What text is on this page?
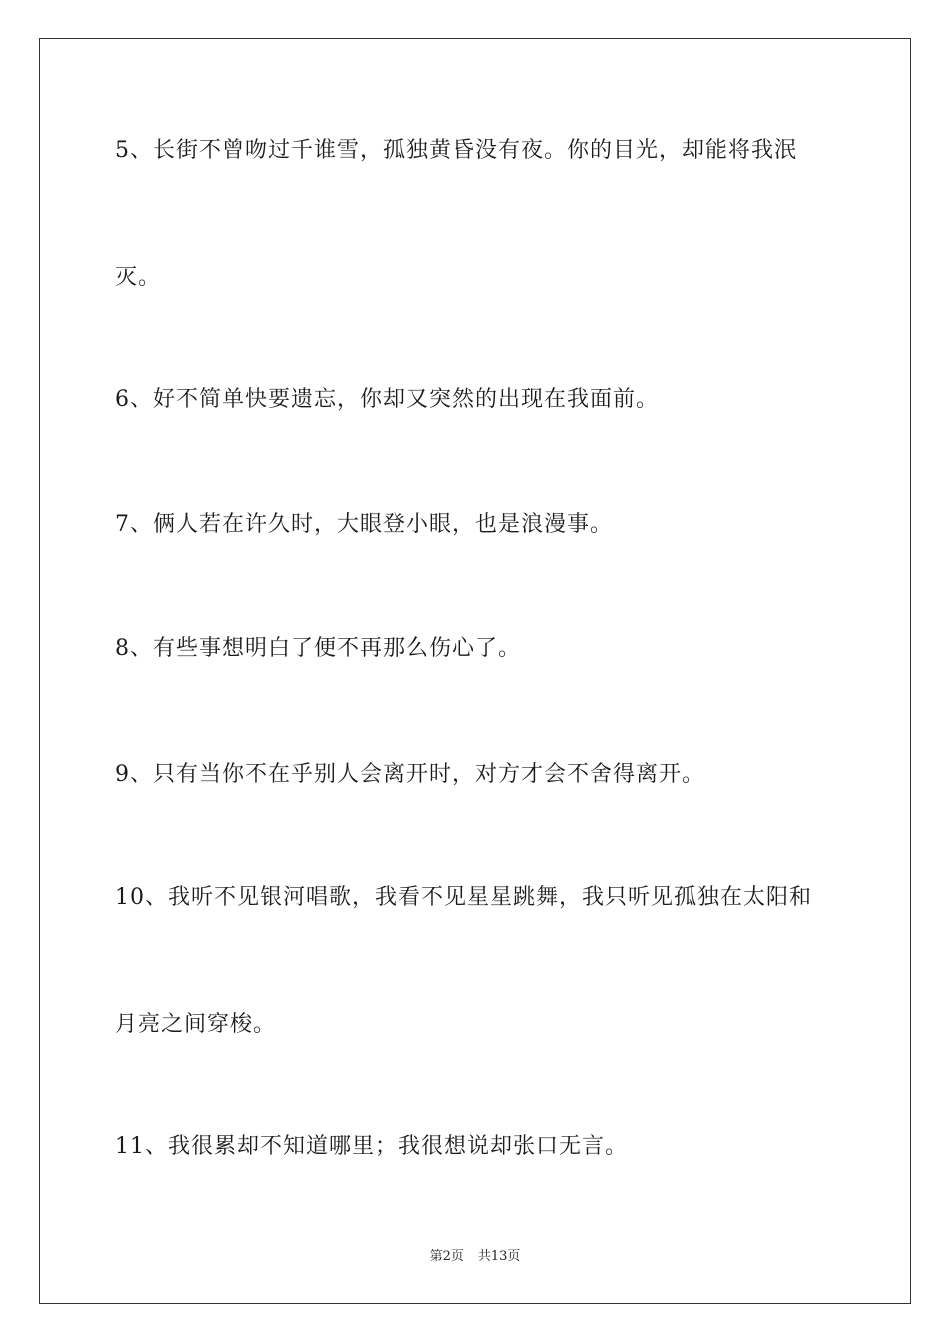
5、长街不曾吻过千谁雪，孤独黄昏没有夜。你的目光，却能将我泯
灭。
6、好不简单快要遗忘，你却又突然的出现在我面前。
7、俩人若在许久时，大眼登小眼，也是浪漫事。
8、有些事想明白了便不再那么伤心了。
9、只有当你不在乎别人会离开时，对方才会不舍得离开。
10、我听不见银河唱歌，我看不见星星跳舞，我只听见孤独在太阳和
月亮之间穿梭。
11、我很累却不知道哪里；我很想说却张口无言。
第2页 共13页
